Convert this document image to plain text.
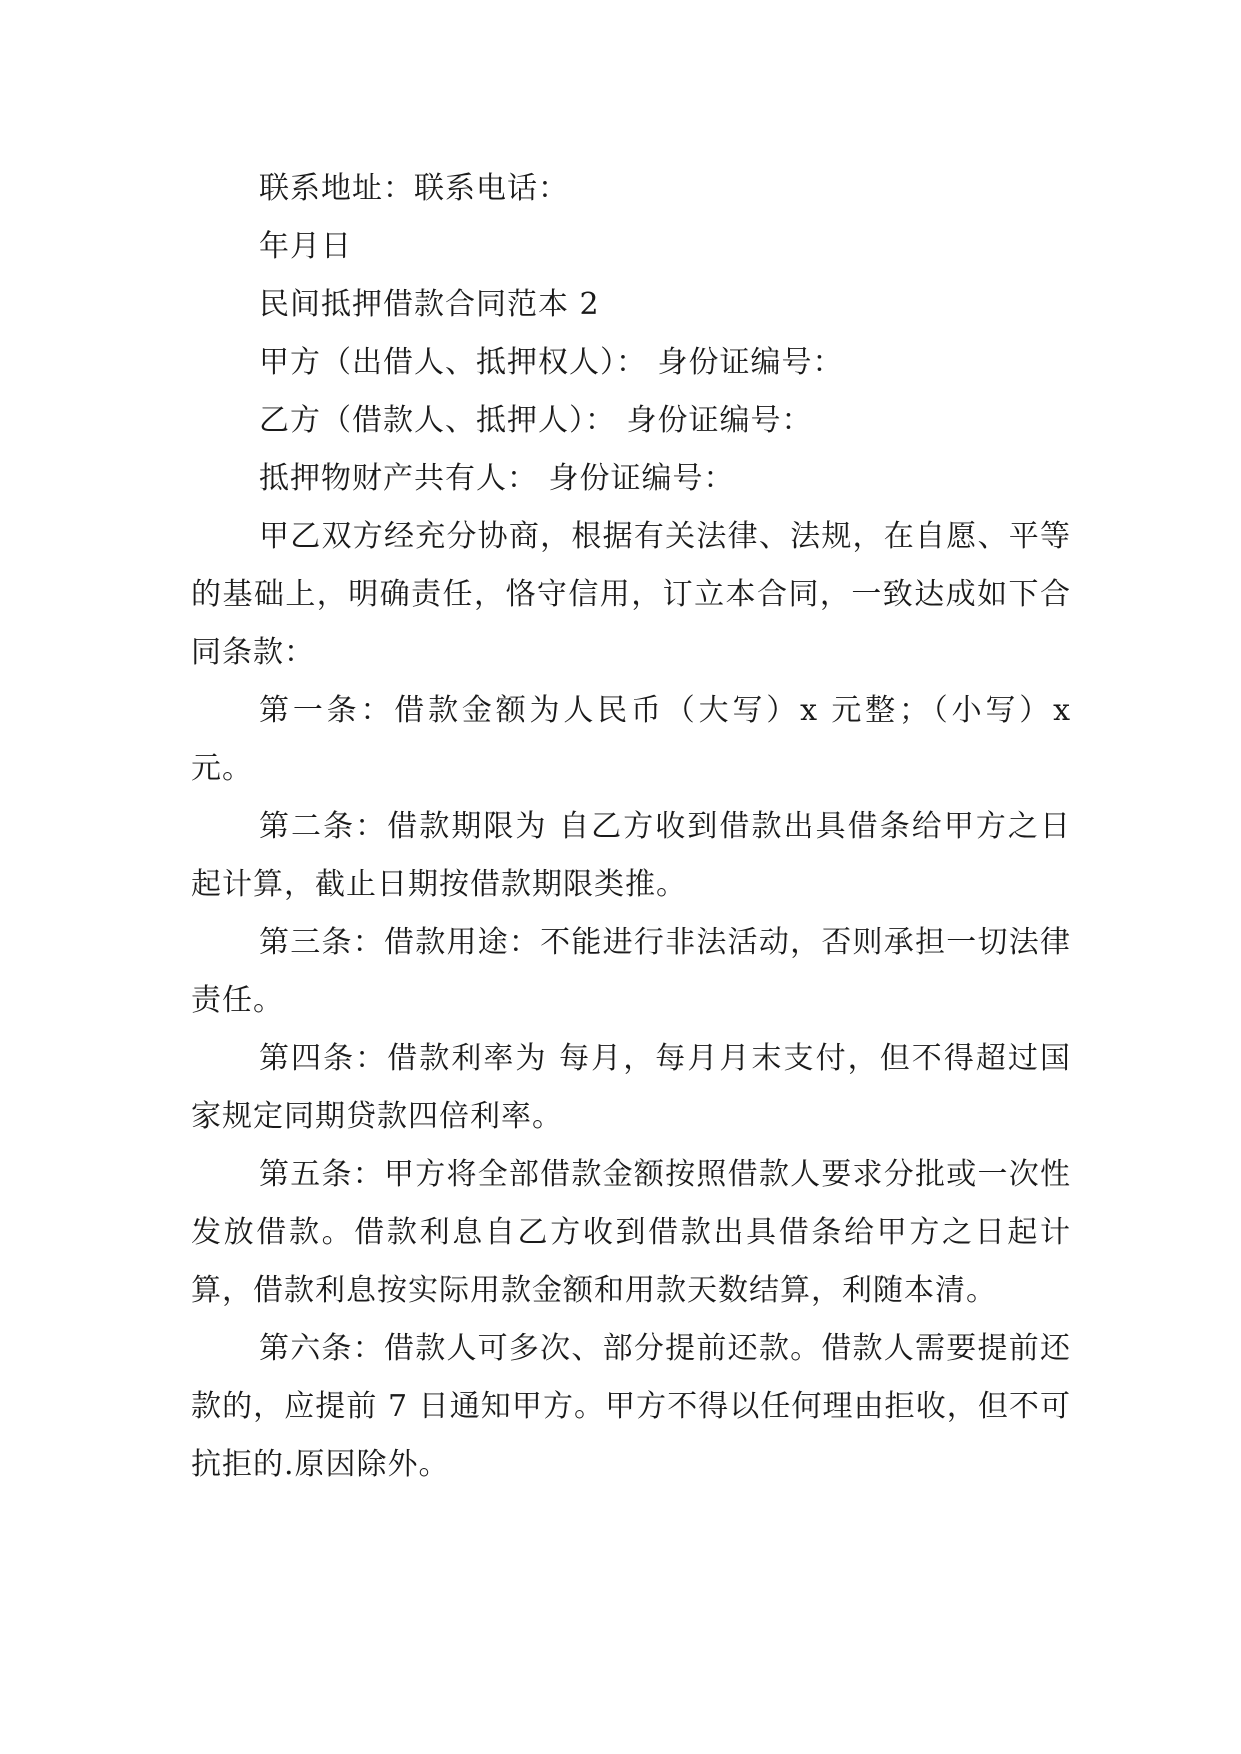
联系地址：联系电话：
年月日
民间抵押借款合同范本 2
甲方（出借人、抵押权人）： 身份证编号：
乙方（借款人、抵押人）： 身份证编号：
抵押物财产共有人： 身份证编号：

甲乙双方经充分协商，根据有关法律、法规，在自愿、平等的基础上，明确责任，恪守信用，订立本合同，一致达成如下合同条款：

第一条：借款金额为人民币（大写）x 元整；（小写）x 元。

第二条：借款期限为 自乙方收到借款出具借条给甲方之日起计算，截止日期按借款期限类推。

第三条：借款用途：不能进行非法活动，否则承担一切法律责任。

第四条：借款利率为 每月，每月月末支付，但不得超过国家规定同期贷款四倍利率。

第五条：甲方将全部借款金额按照借款人要求分批或一次性发放借款。借款利息自乙方收到借款出具借条给甲方之日起计算，借款利息按实际用款金额和用款天数结算，利随本清。

第六条：借款人可多次、部分提前还款。借款人需要提前还款的，应提前 7 日通知甲方。甲方不得以任何理由拒收，但不可抗拒的.原因除外。
